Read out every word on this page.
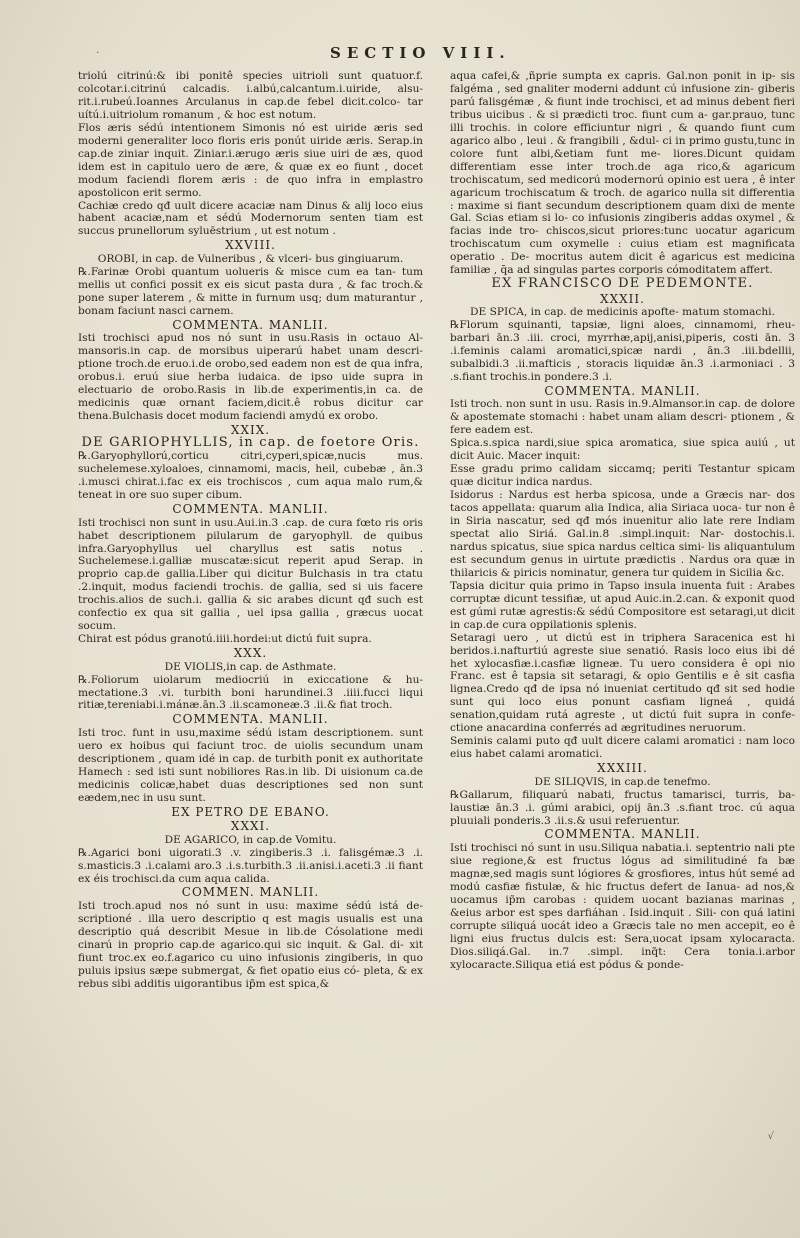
·	SECTIO VIII.

triolú citrinú:& ibi ponitê species uitrioli sunt quatuor.f. colcotar.i.citrinú calcadis. i.albú,calcantum.i.uiride, alsu- rit.i.rubeú.Ioannes Arculanus in cap.de febel dicit.colco- tar uítú.i.uitriolum romanum , & hoc est notum.

Flos æris sédú intentionem Simonis nó est uiride æris sed moderni generaliter loco floris eris ponút uiride æris. Serap.in cap.de ziniar inquit. Ziniar.i.ærugo æris siue uiri de æs, quod idem est in capitulo uero de ære, & quæ ex eo fiunt , docet modum faciendi florem æris : de quo infra in emplastro apostolicon erit sermo.

Cachiæ credo qđ uult dicere acaciæ nam Dinus & alij loco eius habent acaciæ,nam et sédú Modernorum senten tiam est succus prunellorum syluēstrium , ut est notum .

XXVIII.

OROBI, in cap. de Vulneribus , & vlceri- bus gingiuarum.

℞.Farinæ Orobi quantum uolueris & misce cum ea tan- tum mellis ut confici possit ex eis sicut pasta dura , & fac troch.& pone super laterem , & mitte in furnum usq; dum maturantur , bonam faciunt nasci carnem.

COMMENTA. MANLII.

Isti trochisci apud nos nó sunt in usu.Rasis in octauo Al- mansoris.in cap. de morsibus uiperarú habet unam descri- ptione troch.de eruo.i.de orobo,sed eadem non est de qua infra, orobus.i. eruú siue herba iudaica. de ipso uide supra in electuario de orobo.Rasis in lib.de experimentis,in ca. de medicinis quæ ornant faciem,dicit.ê robus dicitur car thena.Bulchasis docet modum faciendi amydú ex orobo.

XXIX.

DE GARIOPHYLLIS, in cap. de foetore Oris.

℞.Garyophyllorú,corticu citri,cyperi,spicæ,nucis mus. suchelemese.xyloaloes, cinnamomi, macis, heil, cubebæ , ān.3 .i.musci chirat.i.fac ex eis trochiscos , cum aqua malo rum,& teneat in ore suo super cibum.

COMMENTA. MANLII.

Isti trochisci non sunt in usu.Aui.in.3 .cap. de cura fœto ris oris habet descriptionem pilularum de garyophyll. de quibus infra.Garyophyllus uel charyllus est satis notus . Suchelemese.i.galliæ muscatæ:sicut reperit apud Serap. in proprio cap.de gallia.Liber qui dicitur Bulchasis in tra ctatu .2.inquit, modus faciendi trochis. de gallia, sed si uis facere trochis.alios de such.i. gallia & sic arabes dicunt qđ such est confectio ex qua sit gallia , uel ipsa gallia , græcus uocat socum.

Chirat est pódus granotú.iiii.hordei:ut dictú fuit supra.

XXX.

DE VIOLIS,in cap. de Asthmate.

℞.Foliorum uiolarum mediocriú in exiccatione & hu- mectatione.3 .vi. turbith boni harundinei.3 .iiii.fucci liqui ritiæ,tereniabi.i.mánæ.ān.3 .ii.scamoneæ.3 .ii.& fiat troch.

COMMENTA. MANLII.

Isti troc. funt in usu,maxime sédú istam descriptionem. sunt uero ex hoibus qui faciunt troc. de uiolis secundum unam descriptionem , quam idé in cap. de turbith ponit ex authoritate Hamech : sed isti sunt nobiliores Ras.in lib. Di uisionum ca.de medicinis colicæ,habet duas descriptiones sed non sunt eædem,nec in usu sunt.

EX PETRO DE EBANO.

XXXI.

DE AGARICO, in cap.de Vomitu.

℞.Agarici boni uigorati.3 .v. zingiberis.3 .i. falisgémæ.3 .i. s.masticis.3 .i.calami aro.3 .i.s.turbith.3 .ii.anisi.i.aceti.3 .ii fiant ex éis trochisci.da cum aqua calida.

COMMEN. MANLII.

Isti troch.apud nos nó sunt in usu: maxime sédú istá de- scriptioné . illa uero descriptio q est magis usualis est una descriptio quá describit Mesue in lib.de Cósolatione medi cinarú in proprio cap.de agarico.qui sic inquit. & Gal. di- xit fiunt troc.ex eo.f.agarico cu uino infusionis zingiberis, in quo puluis ipsius sæpe submergat, & fiet opatio eius có- pleta, & ex rebus sibi additis uigorantibus ip̃m est spica,&

aqua cafei,& ,ñprie sumpta ex capris. Gal.non ponit in ip- sis falgéma , sed gnaliter moderni addunt cú infusione zin- giberis parú falisgémæ , & fiunt inde trochisci, et ad minus debent fieri tribus uicibus . & si prædicti troc. fiunt cum a- gar.prauo, tunc illi trochis. in colore efficiuntur nigri , & quando fiunt cum agarico albo , leui . & frangibili , &dul- ci in primo gustu,tunc in colore funt albi,&etiam funt me- liores.Dicunt quidam differentiam esse inter troch.de aga rico,& agaricum trochiscatum, sed medicorú modernorú opinio est uera , ê inter agaricum trochiscatum & troch. de agarico nulla sit differentia : maxime si fiant secundum descriptionem quam dixi de mente Gal. Scias etiam si lo- co infusionis zingiberis addas oxymel , & facias inde tro- chiscos,sicut priores:tunc uocatur agaricum trochiscatum cum oxymelle : cuius etiam est magnificata operatio . De- mocritus autem dicit ê agaricus est medicina familiæ , q̄a ad singulas partes corporis cómoditatem affert.

EX FRANCISCO DE PEDEMONTE.

XXXII.

DE SPICA, in cap. de medicinis apofte- matum stomachi.

℞Florum squinanti, tapsiæ, ligni aloes, cinnamomi, rheu- barbari ān.3 .iii. croci, myrrhæ,apij,anisi,piperis, costi ān. 3 .i.feminis calami aromatici,spicæ nardi , ān.3 .iii.bdellii, subalbidi.3 .ii.mafticis , storacis liquidæ ān.3 .i.armoniaci . 3 .s.fiant trochis.in pondere.3 .i.

COMMENTA. MANLII.

Isti troch. non sunt in usu. Rasis in.9.Almansor.in cap. de dolore & apostemate stomachi : habet unam aliam descri- ptionem , & fere eadem est.

Spica.s.spica nardi,siue spica aromatica, siue spica auiú , ut dicit Auic. Macer inquit:

Esse gradu primo calidam siccamq; periti Testantur spicam quæ dicitur indica nardus.

Isidorus : Nardus est herba spicosa, unde a Græcis nar- dos tacos appellata: quarum alia Indica, alia Siriaca uoca- tur non ê in Siria nascatur, sed qđ mós inuenitur alio late rere Indiam spectat alio Siriá. Gal.in.8 .simpl.inquit: Nar- dostochis.i. nardus spicatus, siue spica nardus celtica simi- lis aliquantulum est secundum genus in uirtute prædictis . Nardus ora quæ in thilaricis & piricis nominatur, genera tur quidem in Sicilia &c.

Tapsia dicitur quia primo in Tapso insula inuenta fuit : Arabes corruptæ dicunt tessifiæ, ut apud Auic.in.2.can. & exponit quod est gúmi rutæ agrestis:& sédú Compositore est setaragi,ut dicit in cap.de cura oppilationis splenis.

Setaragi uero , ut dictú est in triphera Saracenica est hi beridos.i.nafturtiú agreste siue senatió. Rasis loco eius ibi dé het xylocasfiæ.i.casfiæ ligneæ. Tu uero considera ê opi nio Franc. est ê tapsia sit setaragi, & opio Gentilis e ê sit casfia lignea.Credo qđ de ipsa nó inueniat certitudo qđ sit sed hodie sunt qui loco eius ponunt casfiam ligneá , quidá senation,quidam rutá agreste , ut dictú fuit supra in confe- ctione anacardina conferrés ad ægritudines neruorum.

Seminis calami puto qđ uult dicere calami aromatici : nam loco eius habet calami aromatici.

XXXIII.

DE SILIQVIS, in cap.de tenefmo.

℞Gallarum, filiquarú nabati, fructus tamarisci, turris, ba- laustiæ ān.3 .i. gúmi arabici, opij ān.3 .s.fiant troc. cú aqua pluuiali ponderis.3 .ii.s.& usui referuentur.

COMMENTA. MANLII.

Isti trochisci nó sunt in usu.Siliqua nabatia.i. septentrio nali pte siue regione,& est fructus lógus ad similitudiné fa bæ magnæ,sed magis sunt lógiores & grosfiores, intus hút semé ad modú casfiæ fistulæ, & hic fructus defert de Ianua- ad nos,& uocamus ip̃m carobas : quidem uocant bazianas marinas , &eius arbor est spes darfiáhan . Isid.inquit . Sili- con quá latini corrupte siliquá uocát ideo a Græcis tale no men accepit, eo ê ligni eius fructus dulcis est: Sera,uocat ipsam xylocaracta. Dios.siliqá.Gal. in.7 .simpl. inq̃t: Cera tonia.i.arbor xylocaracte.Siliqua etiá est pódus & ponde-

√
